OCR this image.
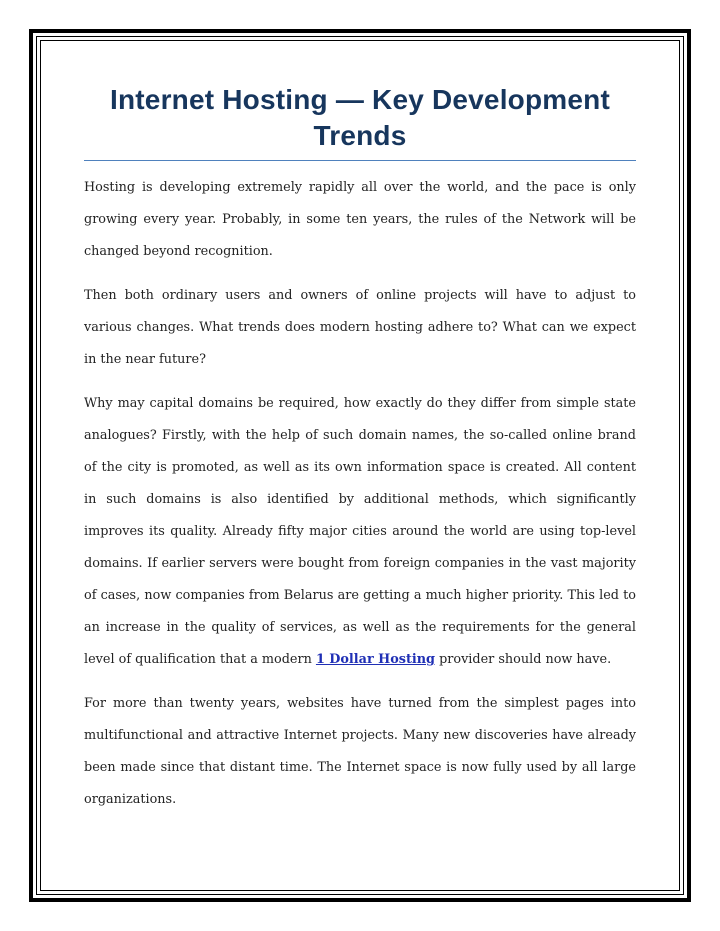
Internet Hosting — Key Development Trends

Hosting is developing extremely rapidly all over the world, and the pace is only growing every year. Probably, in some ten years, the rules of the Network will be changed beyond recognition.

Then both ordinary users and owners of online projects will have to adjust to various changes. What trends does modern hosting adhere to? What can we expect in the near future?

Why may capital domains be required, how exactly do they differ from simple state analogues? Firstly, with the help of such domain names, the so-called online brand of the city is promoted, as well as its own information space is created. All content in such domains is also identified by additional methods, which significantly improves its quality. Already fifty major cities around the world are using top-level domains. If earlier servers were bought from foreign companies in the vast majority of cases, now companies from Belarus are getting a much higher priority. This led to an increase in the quality of services, as well as the requirements for the general level of qualification that a modern 1 Dollar Hosting provider should now have.

For more than twenty years, websites have turned from the simplest pages into multifunctional and attractive Internet projects. Many new discoveries have already been made since that distant time. The Internet space is now fully used by all large organizations.
